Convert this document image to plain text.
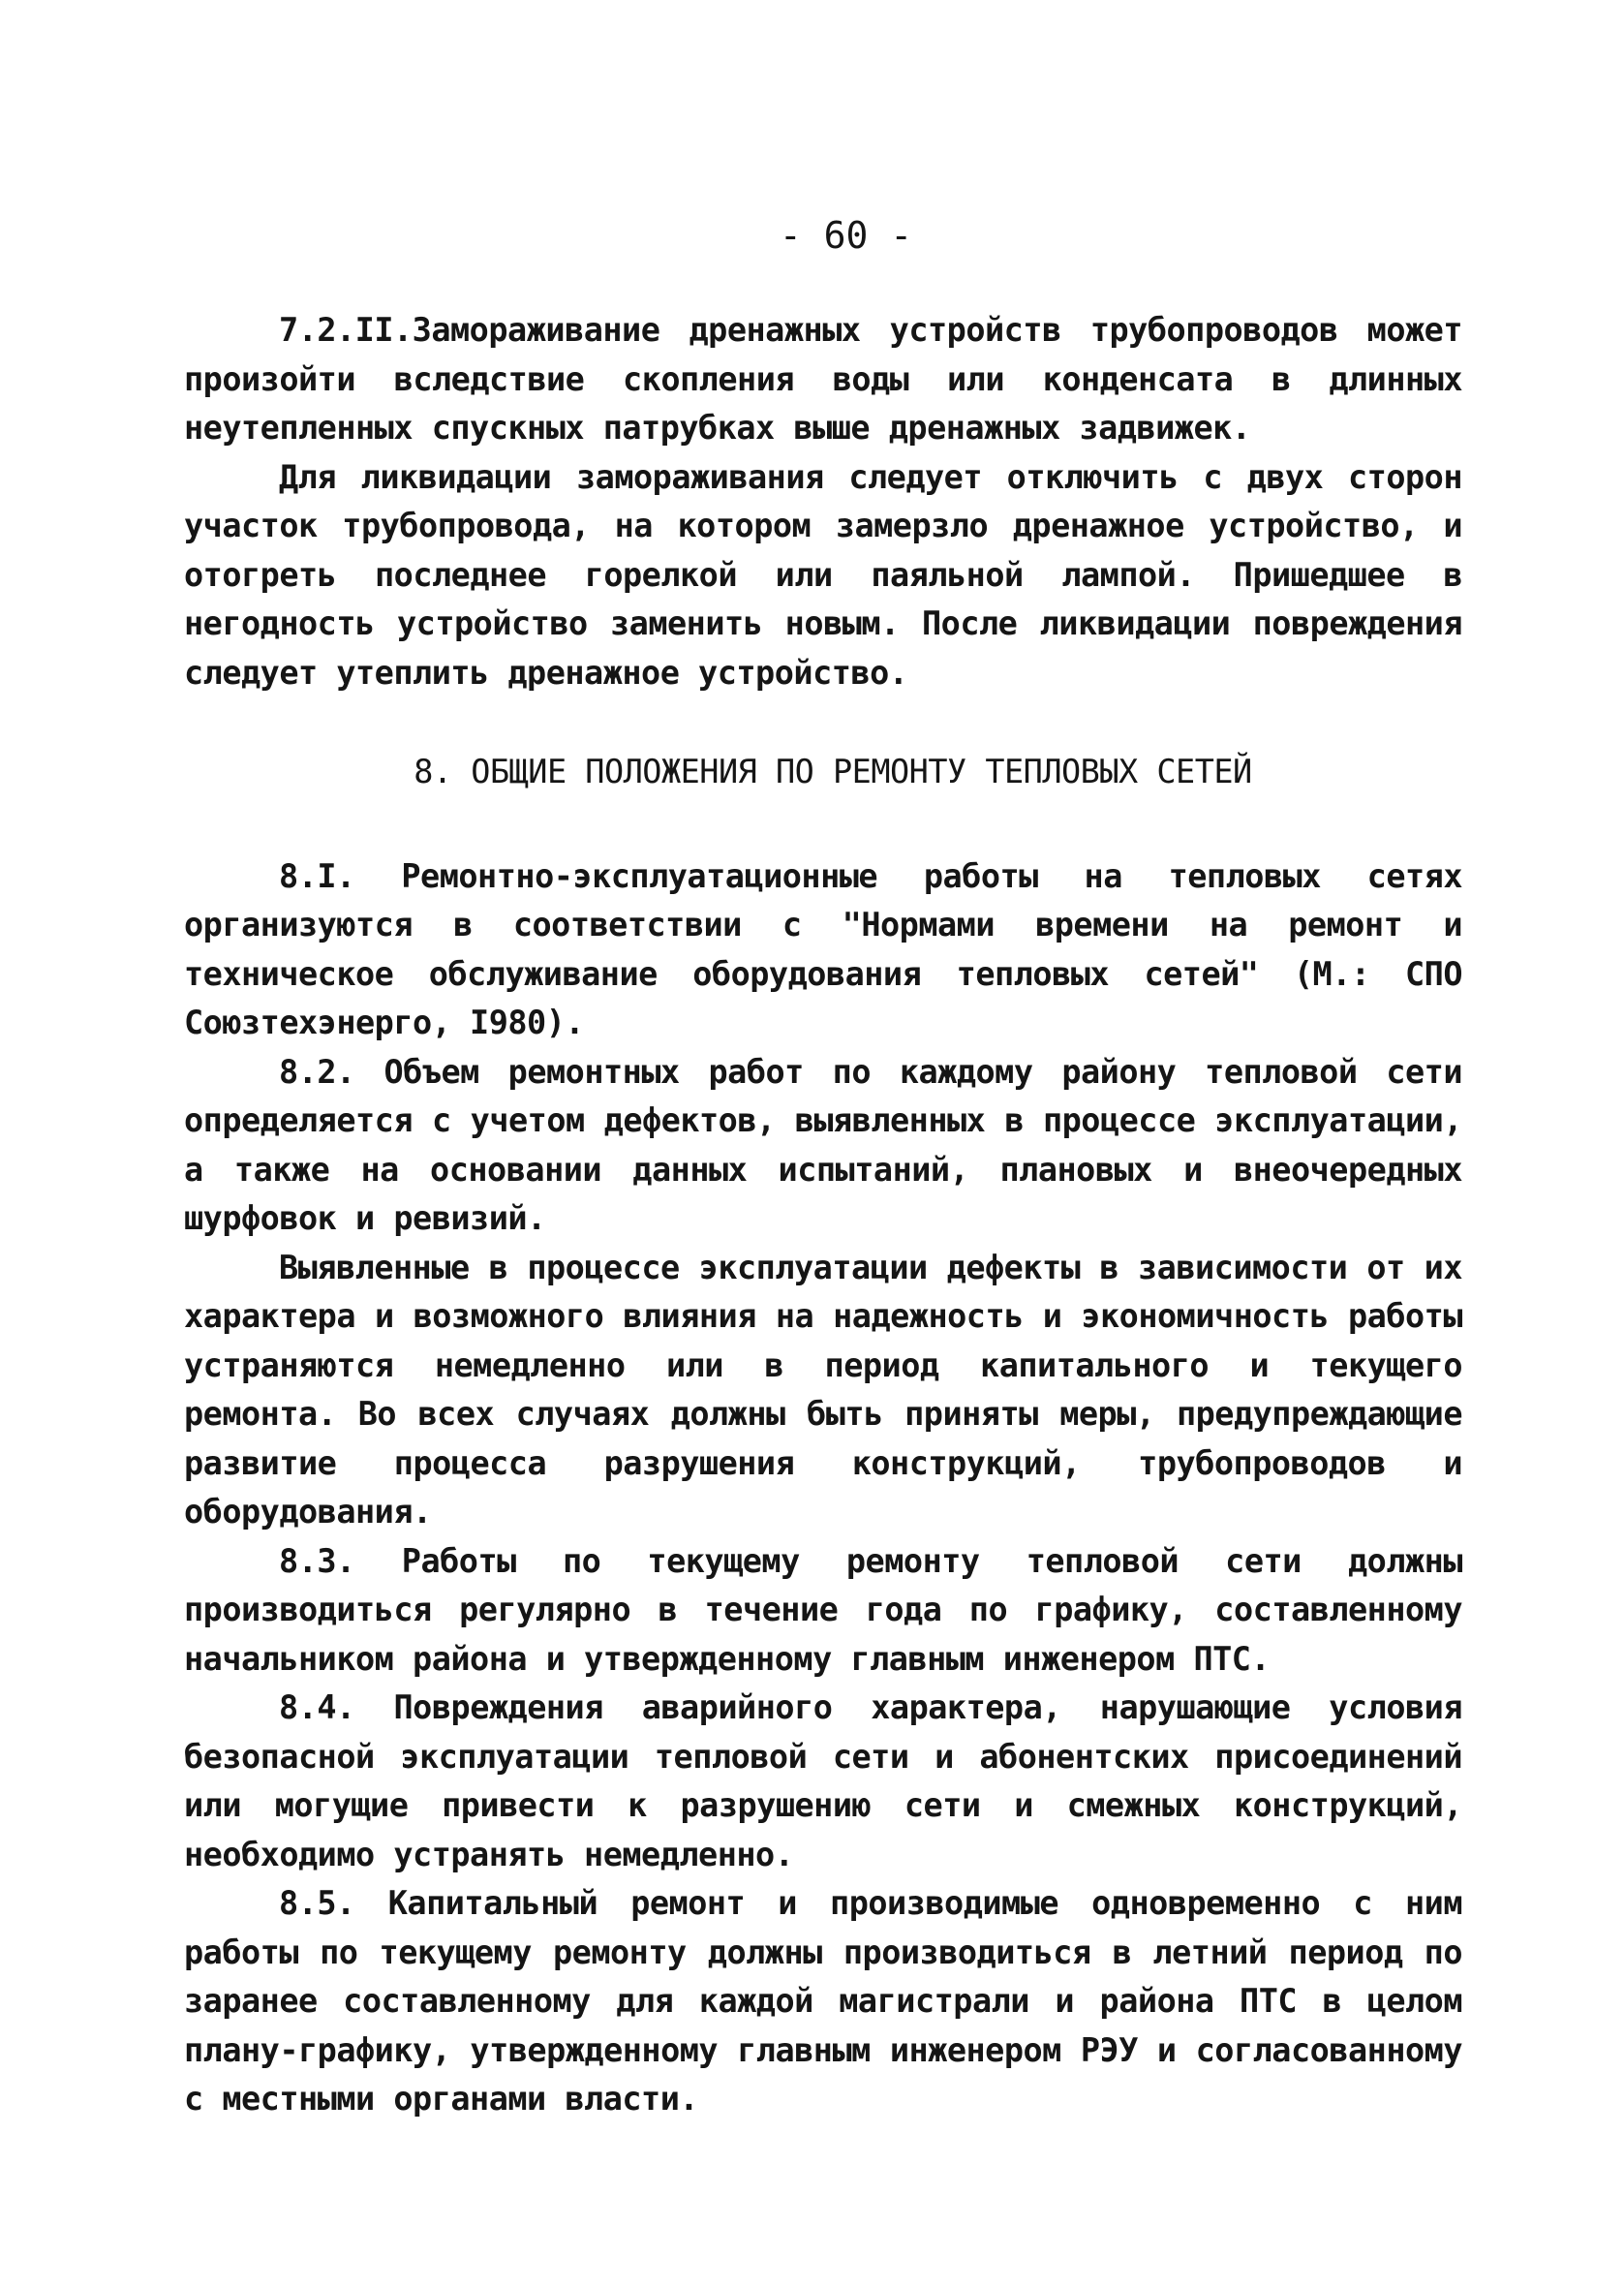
- 60 -

7.2.II.Замораживание дренажных устройств трубопроводов может произойти вследствие скопления воды или конденсата в длинных неутепленных спускных патрубках выше дренажных задвижек.

Для ликвидации замораживания следует отключить с двух сторон участок трубопровода, на котором замерзло дренажное устройство, и отогреть последнее горелкой или паяльной лампой. Пришедшее в негодность устройство заменить новым. После ликвидации повреждения следует утеплить дренажное устройство.

8. ОБЩИЕ ПОЛОЖЕНИЯ ПО РЕМОНТУ ТЕПЛОВЫХ СЕТЕЙ

8.I. Ремонтно-эксплуатационные работы на тепловых сетях организуются в соответствии с "Нормами времени на ремонт и техническое обслуживание оборудования тепловых сетей" (М.: СПО Союзтехэнерго, I980).

8.2. Объем ремонтных работ по каждому району тепловой сети определяется с учетом дефектов, выявленных в процессе эксплуатации, а также на основании данных испытаний, плановых и внеочередных шурфовок и ревизий.

Выявленные в процессе эксплуатации дефекты в зависимости от их характера и возможного влияния на надежность и экономичность работы устраняются немедленно или в период капитального и текущего ремонта. Во всех случаях должны быть приняты меры, предупреждающие развитие процесса разрушения конструкций, трубопроводов и оборудования.

8.3. Работы по текущему ремонту тепловой сети должны производиться регулярно в течение года по графику, составленному начальником района и утвержденному главным инженером ПТС.

8.4. Повреждения аварийного характера, нарушающие условия безопасной эксплуатации тепловой сети и абонентских присоединений или могущие привести к разрушению сети и смежных конструкций, необходимо устранять немедленно.

8.5. Капитальный ремонт и производимые одновременно с ним работы по текущему ремонту должны производиться в летний период по заранее составленному для каждой магистрали и района ПТС в целом плану-графику, утвержденному главным инженером РЭУ и согласованному с местными органами власти.
